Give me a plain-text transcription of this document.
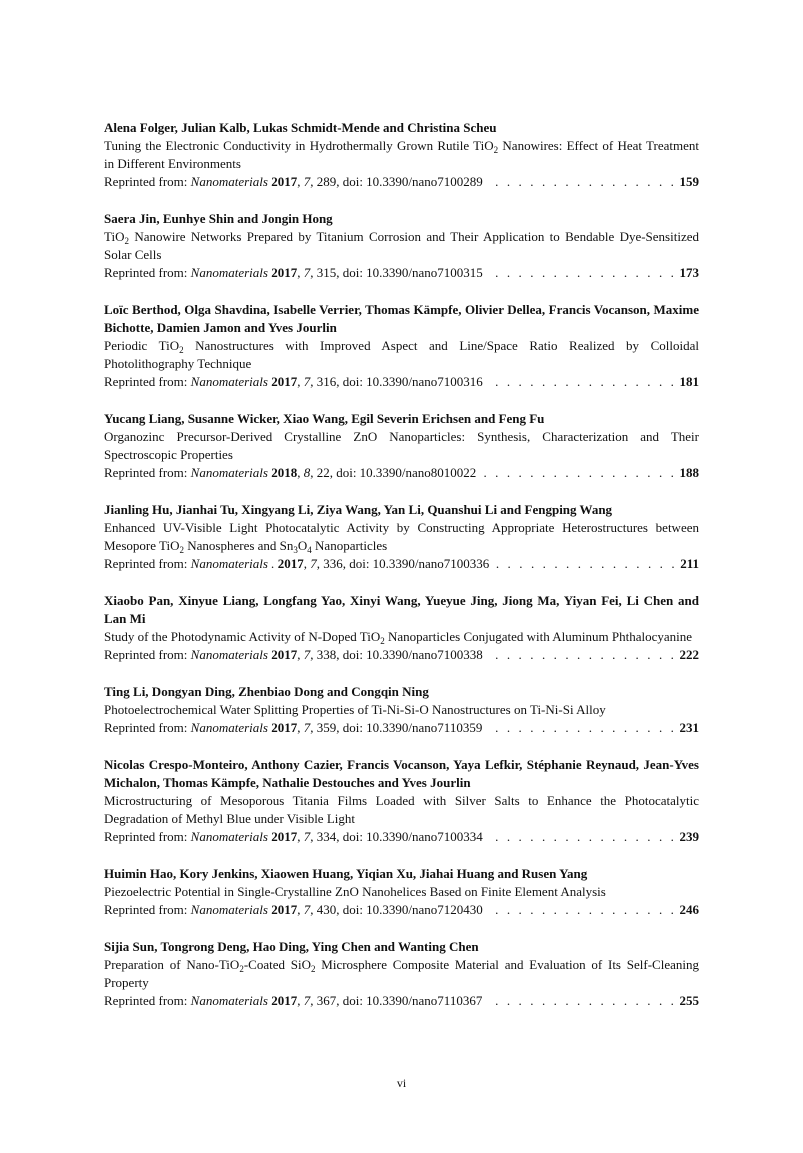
Alena Folger, Julian Kalb, Lukas Schmidt-Mende and Christina Scheu
Tuning the Electronic Conductivity in Hydrothermally Grown Rutile TiO$_2$ Nanowires: Effect of Heat Treatment in Different Environments
Reprinted from: Nanomaterials 2017, 7, 289, doi: 10.3390/nano7100289 . . .	159
Saera Jin, Eunhye Shin and Jongin Hong
TiO$_2$ Nanowire Networks Prepared by Titanium Corrosion and Their Application to Bendable Dye-Sensitized Solar Cells
Reprinted from: Nanomaterials 2017, 7, 315, doi: 10.3390/nano7100315 . . .	173
Loïc Berthod, Olga Shavdina, Isabelle Verrier, Thomas Kämpfe, Olivier Dellea, Francis Vocanson, Maxime Bichotte, Damien Jamon and Yves Jourlin
Periodic TiO$_2$ Nanostructures with Improved Aspect and Line/Space Ratio Realized by Colloidal Photolithography Technique
Reprinted from: Nanomaterials 2017, 7, 316, doi: 10.3390/nano7100316 . . .	181
Yucang Liang, Susanne Wicker, Xiao Wang, Egil Severin Erichsen and Feng Fu
Organozinc Precursor-Derived Crystalline ZnO Nanoparticles: Synthesis, Characterization and Their Spectroscopic Properties
Reprinted from: Nanomaterials 2018, 8, 22, doi: 10.3390/nano8010022 . . .	188
Jianling Hu, Jianhai Tu, Xingyang Li, Ziya Wang, Yan Li, Quanshui Li and Fengping Wang
Enhanced UV-Visible Light Photocatalytic Activity by Constructing Appropriate Heterostructures between Mesopore TiO$_2$ Nanospheres and $Sn_3O_4$ Nanoparticles
Reprinted from: Nanomaterials . 2017, 7, 336, doi: 10.3390/nano7100336 . . .	211
Xiaobo Pan, Xinyue Liang, Longfang Yao, Xinyi Wang, Yueyue Jing, Jiong Ma, Yiyan Fei, Li Chen and Lan Mi
Study of the Photodynamic Activity of N-Doped TiO$_2$ Nanoparticles Conjugated with Aluminum Phthalocyanine
Reprinted from: Nanomaterials 2017, 7, 338, doi: 10.3390/nano7100338 . . .	222
Ting Li, Dongyan Ding, Zhenbiao Dong and Congqin Ning
Photoelectrochemical Water Splitting Properties of Ti-Ni-Si-O Nanostructures on Ti-Ni-Si Alloy
Reprinted from: Nanomaterials 2017, 7, 359, doi: 10.3390/nano7110359 . . .	231
Nicolas Crespo-Monteiro, Anthony Cazier, Francis Vocanson, Yaya Lefkir, Stéphanie Reynaud, Jean-Yves Michalon, Thomas Kämpfe, Nathalie Destouches and Yves Jourlin
Microstructuring of Mesoporous Titania Films Loaded with Silver Salts to Enhance the Photocatalytic Degradation of Methyl Blue under Visible Light
Reprinted from: Nanomaterials 2017, 7, 334, doi: 10.3390/nano7100334 . . .	239
Huimin Hao, Kory Jenkins, Xiaowen Huang, Yiqian Xu, Jiahai Huang and Rusen Yang
Piezoelectric Potential in Single-Crystalline ZnO Nanohelices Based on Finite Element Analysis
Reprinted from: Nanomaterials 2017, 7, 430, doi: 10.3390/nano7120430 . . .	246
Sijia Sun, Tongrong Deng, Hao Ding, Ying Chen and Wanting Chen
Preparation of Nano-TiO$_2$-Coated SiO$_2$ Microsphere Composite Material and Evaluation of Its Self-Cleaning Property
Reprinted from: Nanomaterials 2017, 7, 367, doi: 10.3390/nano7110367 . . .	255
vi
